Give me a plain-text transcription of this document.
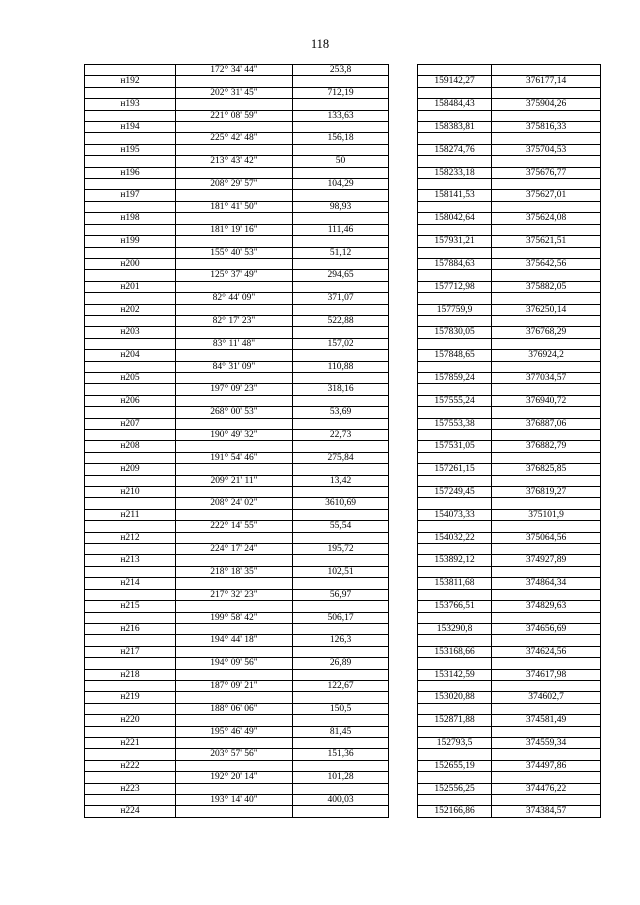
118
	172° 34' 44"	253,8			
н192				159142,27	376177,14
	202° 31' 45"	712,19			
н193				158484,43	375904,26
	221° 08' 59"	133,63			
н194				158383,81	375816,33
	225° 42' 48"	156,18			
н195				158274,76	375704,53
	213° 43' 42"	50			
н196				158233,18	375676,77
	208° 29' 57"	104,29			
н197				158141,53	375627,01
	181° 41' 50"	98,93			
н198				158042,64	375624,08
	181° 19' 16"	111,46			
н199				157931,21	375621,51
	155° 40' 53"	51,12			
н200				157884,63	375642,56
	125° 37' 49"	294,65			
н201				157712,98	375882,05
	82° 44' 09"	371,07			
н202				157759,9	376250,14
	82° 17' 23"	522,88			
н203				157830,05	376768,29
	83° 11' 48"	157,02			
н204				157848,65	376924,2
	84° 31' 09"	110,88			
н205				157859,24	377034,57
	197° 09' 23"	318,16			
н206				157555,24	376940,72
	268° 00' 53"	53,69			
н207				157553,38	376887,06
	190° 49' 32"	22,73			
н208				157531,05	376882,79
	191° 54' 46"	275,84			
н209				157261,15	376825,85
	209° 21' 11"	13,42			
н210				157249,45	376819,27
	208° 24' 02"	3610,69			
н211				154073,33	375101,9
	222° 14' 55"	55,54			
н212				154032,22	375064,56
	224° 17' 24"	195,72			
н213				153892,12	374927,89
	218° 18' 35"	102,51			
н214				153811,68	374864,34
	217° 32' 23"	56,97			
н215				153766,51	374829,63
	199° 58' 42"	506,17			
н216				153290,8	374656,69
	194° 44' 18"	126,3			
н217				153168,66	374624,56
	194° 09' 56"	26,89			
н218				153142,59	374617,98
	187° 09' 21"	122,67			
н219				153020,88	374602,7
	188° 06' 06"	150,5			
н220				152871,88	374581,49
	195° 46' 49"	81,45			
н221				152793,5	374559,34
	203° 57' 56"	151,36			
н222				152655,19	374497,86
	192° 20' 14"	101,28			
н223				152556,25	374476,22
	193° 14' 40"	400,03			
н224				152166,86	374384,57
